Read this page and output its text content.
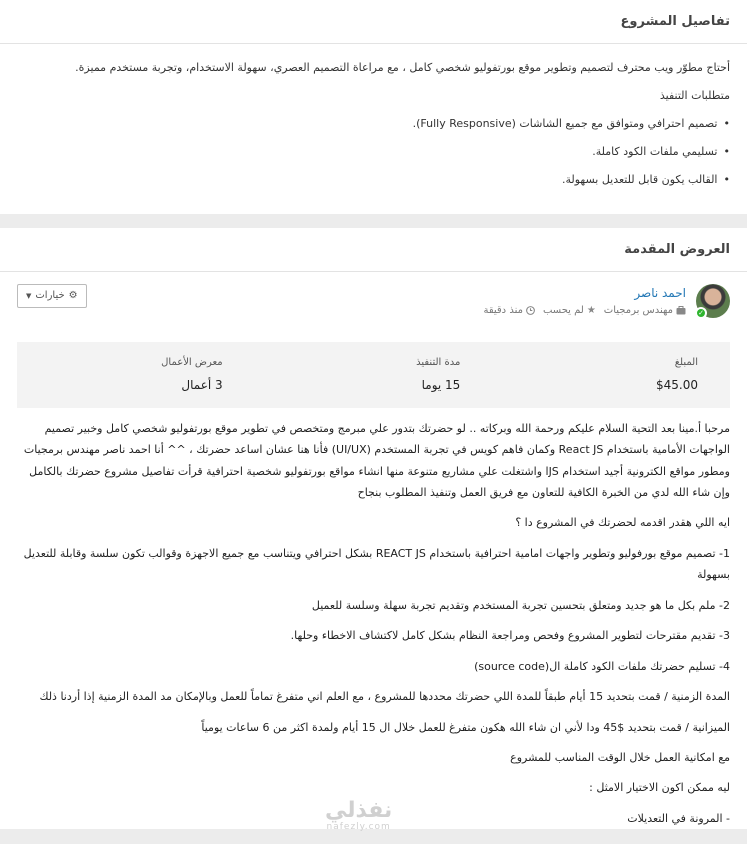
تفاصيل المشروع

أحتاج مطوّر ويب محترف لتصميم وتطوير موقع بورتفوليو شخصي كامل ، مع مراعاة التصميم العصري، سهولة الاستخدام، وتجربة مستخدم مميزة.

متطلبات التنفيذ

• تصميم احترافي ومتوافق مع جميع الشاشات (Fully Responsive).
• تسليمي ملفات الكود كاملة.
• القالب يكون قابل للتعديل بسهولة.
العروض المقدمة
✓
احمد ناصر
مهندس برمجيات
★
لم يحسب
منذ دقيقة
⚙
خيارات
▼
المبلغ
$45.00
مدة التنفيذ
15 يوما
معرض الأعمال
3 أعمال

مرحبا أ.مينا بعد التحية السلام عليكم ورحمة الله وبركاته .. لو حضرتك بتدور علي مبرمج ومتخصص في تطوير موقع بورتفوليو شخصي كامل وخبير تصميم الواجهات الأمامية باستخدام React JS وكمان فاهم كويس في تجربة المستخدم (UI/UX) فأنا هنا عشان اساعد حضرتك ، ^^ أنا احمد ناصر مهندس برمجيات ومطور مواقع الكترونية أجيد استخدام JSا واشتغلت علي مشاريع متنوعة منها انشاء مواقع بورتفوليو شخصية احترافية قرأت تفاصيل مشروع حضرتك بالكامل وإن شاء الله لدي من الخبرة الكافية للتعاون مع فريق العمل وتنفيذ المطلوب بنجاح

ايه اللي هقدر اقدمه لحضرتك في المشروع دا ؟

1- تصميم موقع بورفوليو وتطوير واجهات امامية احترافية باستخدام REACT JS بشكل احترافي ويتناسب مع جميع الاجهزة وقوالب تكون سلسة وقابلة للتعديل بسهولة

2- ملم بكل ما هو جديد ومتعلق بتحسين تجربة المستخدم وتقديم تجربة سهلة وسلسة للعميل

3- تقديم مقترحات لتطوير المشروع وفحص ومراجعة النظام بشكل كامل لاكتشاف الاخطاء وحلها.

4- تسليم حضرتك ملفات الكود كاملة ال(source code)

المدة الزمنية / قمت بتحديد 15 أيام طبقاً للمدة اللي حضرتك محددها للمشروع ، مع العلم اني متفرغ تماماً للعمل وبالإمكان مد المدة الزمنية إذا أردنا ذلك

الميزانية / قمت بتحديد $45 ودا لأني ان شاء الله هكون متفرغ للعمل خلال ال 15 أيام ولمدة اكثر من 6 ساعات يومياً

مع امكانية العمل خلال الوقت المناسب للمشروع

ليه ممكن اكون الاختيار الامثل :

- المرونة في التعديلات

نفذلي
nafezly.com
